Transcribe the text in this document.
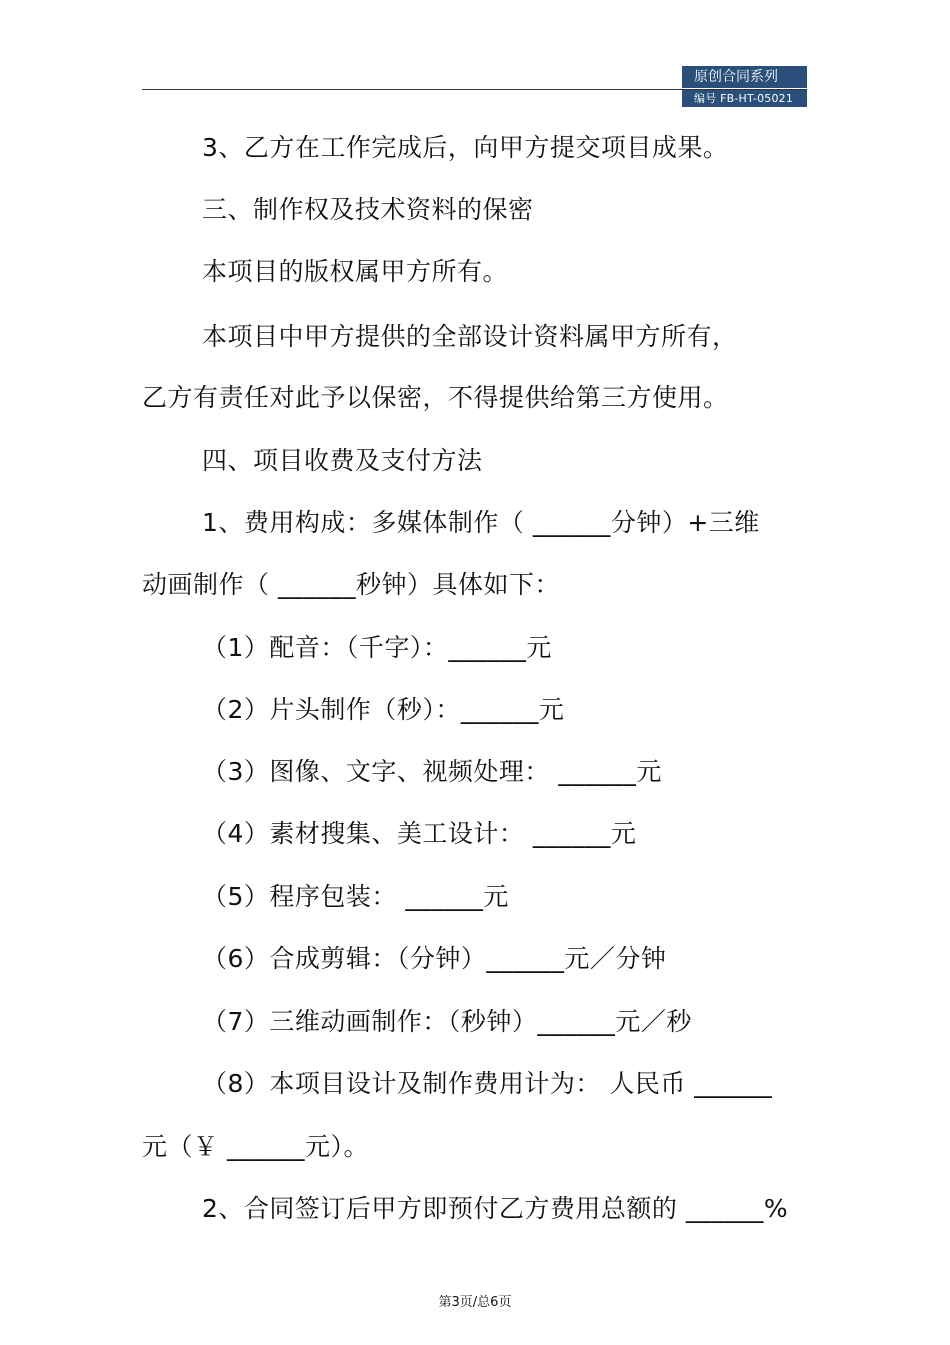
原创合同系列
编号 FB-HT-05021
3、乙方在工作完成后，向甲方提交项目成果。
三、制作权及技术资料的保密
本项目的版权属甲方所有。
本项目中甲方提供的全部设计资料属甲方所有，
乙方有责任对此予以保密，不得提供给第三方使用。
四、项目收费及支付方法
1、费用构成：多媒体制作（ ______分钟）+三维
动画制作（ ______秒钟）具体如下：
（1）配音：（千字）：______元
（2）片头制作（秒）：______元
（3）图像、文字、视频处理： ______元
（4）素材搜集、美工设计： ______元
（5）程序包装： ______元
（6）合成剪辑：（分钟）______元／分钟
（7）三维动画制作：（秒钟）______元／秒
（8）本项目设计及制作费用计为： 人民币 ______
元（￥ ______元）。
2、合同签订后甲方即预付乙方费用总额的 ______%
第3页/总6页
